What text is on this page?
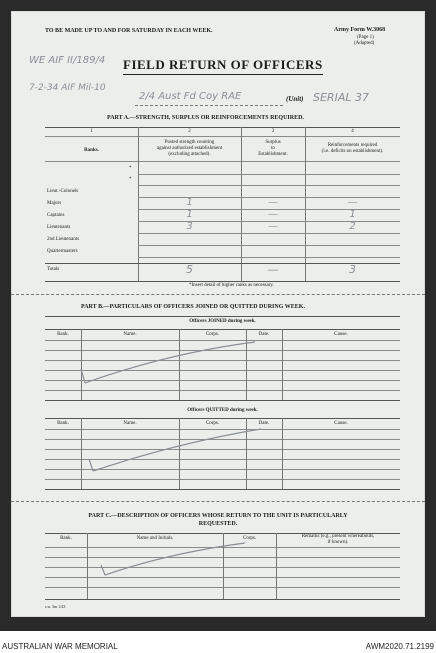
TO BE MADE UP TO AND FOR SATURDAY IN EACH WEEK.	Army Form W.3068
(Page 1)
(Adapted)
WE AIF II/189/4 FIELD RETURN OF OFFICERS
7-2-34 AIF Mil-10
2/4 Aust Fd Coy RAE	(Unit) SERIAL 37
PART A.—STRENGTH, SURPLUS OR REINFORCEMENTS REQUIRED.
1	2	3	4
Ranks.
Posted strength counting
against authorized establishment
(excluding attached).
Surplus
to
Establishment.
Reinforcements required
(i.e. deficits on establishment).
*
*
Lieut.-Colonels
Majors	1	—	—
Captains	1	—	1
Lieutenants	3	—	2
2nd Lieutenants
Quartermasters
Totals	5	—	3
*Insert detail of higher ranks as necessary.
PART B.—PARTICULARS OF OFFICERS JOINED OR QUITTED DURING WEEK.
Officers JOINED during week.
Rank.	Name.	Corps.	Date.	Cause.
Officers QUITTED during week.
Rank.	Name.	Corps.	Date.	Cause.
PART C.—DESCRIPTION OF OFFICERS WHOSE RETURN TO THE UNIT IS PARTICULARLY
REQUESTED.
Rank.	Name and Initials.	Corps.	Remarks (e.g., present whereabouts,
if known).
s.w. 3m 1/43
AUSTRALIAN WAR MEMORIAL	AWM2020.71.2199
